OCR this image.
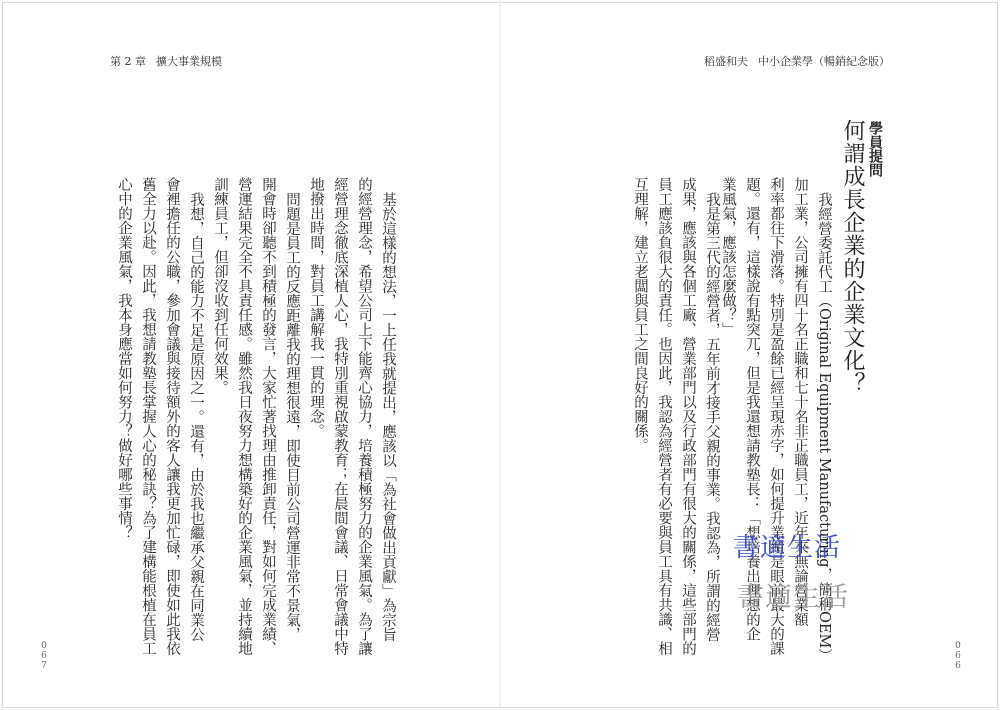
第 2 章 擴大事業規模	稻盛和夫 中小企業學（暢銷紀念版）
學員提問
何謂成長企業的企業文化？
我經營委託代工（Original Equipment Manufacturing，簡稱OEM）
加工業，公司擁有四十名正職和七十名非正職員工，近年來無論營業額
利率都往下滑落。特別是盈餘已經呈現赤字，如何提升業績是眼前最大的課
題。還有，這樣說有點突兀，但是我還想請教塾長：「想培養出理想的企
業風氣，應該怎麼做？」
我是第三代的經營者，五年前才接手父親的事業。我認為，所謂的經營
成果，應該與各個工廠、營業部門以及行政部門有很大的關係，這些部門的
員工應該負很大的責任。也因此，我認為經營者有必要與員工具有共識、相
互理解，建立老闆與員工之間良好的關係。
基於這樣的想法，一上任我就提出，應該以「為社會做出貢獻」為宗旨
的經營理念，希望公司上下能齊心協力，培養積極努力的企業風氣。為了讓
經營理念徹底深植人心，我特別重視啟蒙教育；在晨間會議、日常會議中特
地撥出時間，對員工講解我一貫的理念。
問題是員工的反應距離我的理想很遠，即使目前公司營運非常不景氣，
開會時卻聽不到積極的發言，大家忙著找理由推卸責任，對如何完成業績、
營運結果完全不具責任感。雖然我日夜努力想構築好的企業風氣，並持續地
訓練員工，但卻沒收到任何效果。
我想，自己的能力不足是原因之一。還有，由於我也繼承父親在同業公
會裡擔任的公職，參加會議與接待額外的客人讓我更加忙碌，即使如此我依
舊全力以赴。因此，我想請教塾長掌握人心的秘訣？為了建構能根植在員工
心中的企業風氣，我本身應當如何努力？做好哪些事情？
書適生活
書適生活
0
6
7
0
6
6
